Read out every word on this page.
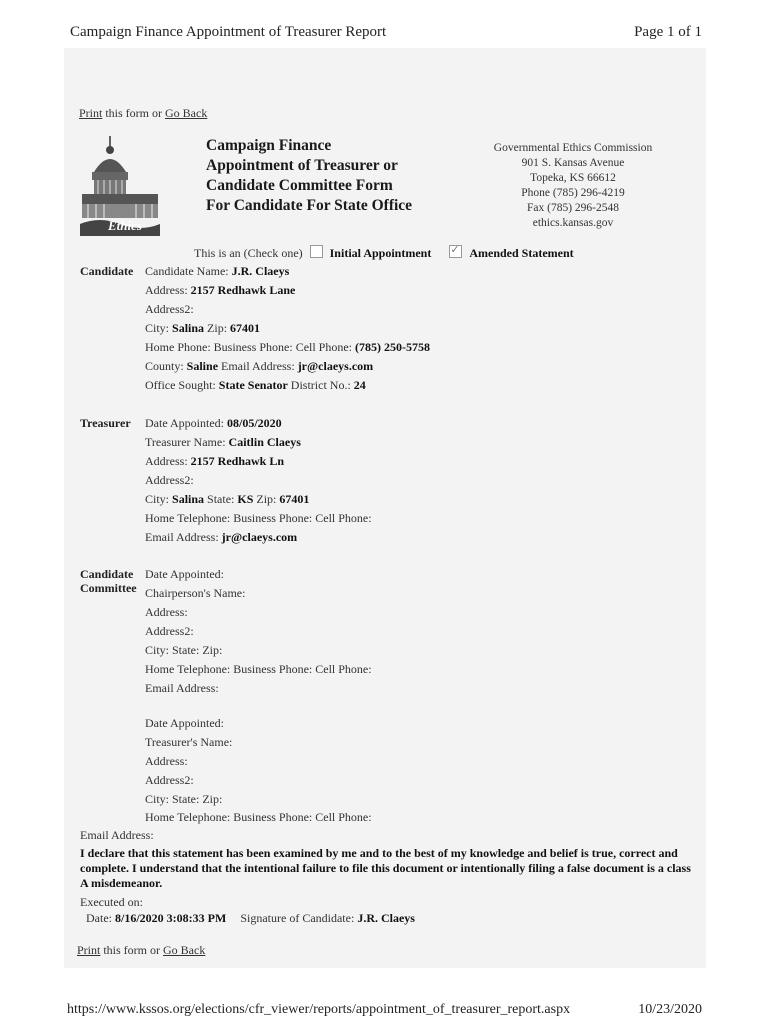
Campaign Finance Appointment of Treasurer Report	Page 1 of 1
Print this form or Go Back
Ethics
Campaign Finance
Appointment of Treasurer or
Candidate Committee Form
For Candidate For State Office
Governmental Ethics Commission
901 S. Kansas Avenue
Topeka, KS 66612
Phone (785) 296-4219
Fax (785) 296-2548
ethics.kansas.gov
This is an (Check one) Initial Appointment  ✓	Amended Statement
Candidate Candidate Name: J.R. Claeys
Address: 2157 Redhawk Lane
Address2:
City: Salina Zip: 67401
Home Phone: Business Phone: Cell Phone: (785) 250-5758
County: Saline Email Address: jr@claeys.com
Office Sought: State Senator District No.: 24
Treasurer Date Appointed: 08/05/2020
Treasurer Name: Caitlin Claeys
Address: 2157 Redhawk Ln
Address2:
City: Salina State: KS Zip: 67401
Home Telephone: Business Phone: Cell Phone:
Email Address: jr@claeys.com
Candidate
Committee
Date Appointed:
Chairperson's Name:
Address:
Address2:
City: State: Zip:
Home Telephone: Business Phone: Cell Phone:
Email Address:
Date Appointed:
Treasurer's Name:
Address:
Address2:
City: State: Zip:
Home Telephone: Business Phone: Cell Phone:
Email Address:
I declare that this statement has been examined by me and to the best of my knowledge and belief is true, correct and complete. I understand that the intentional failure to file this document or intentionally filing a false document is a class A misdemeanor.
Executed on:
Date: 8/16/2020 3:08:33 PM Signature of Candidate: J.R. Claeys
Print this form or Go Back
https://www.kssos.org/elections/cfr_viewer/reports/appointment_of_treasurer_report.aspx	10/23/2020
